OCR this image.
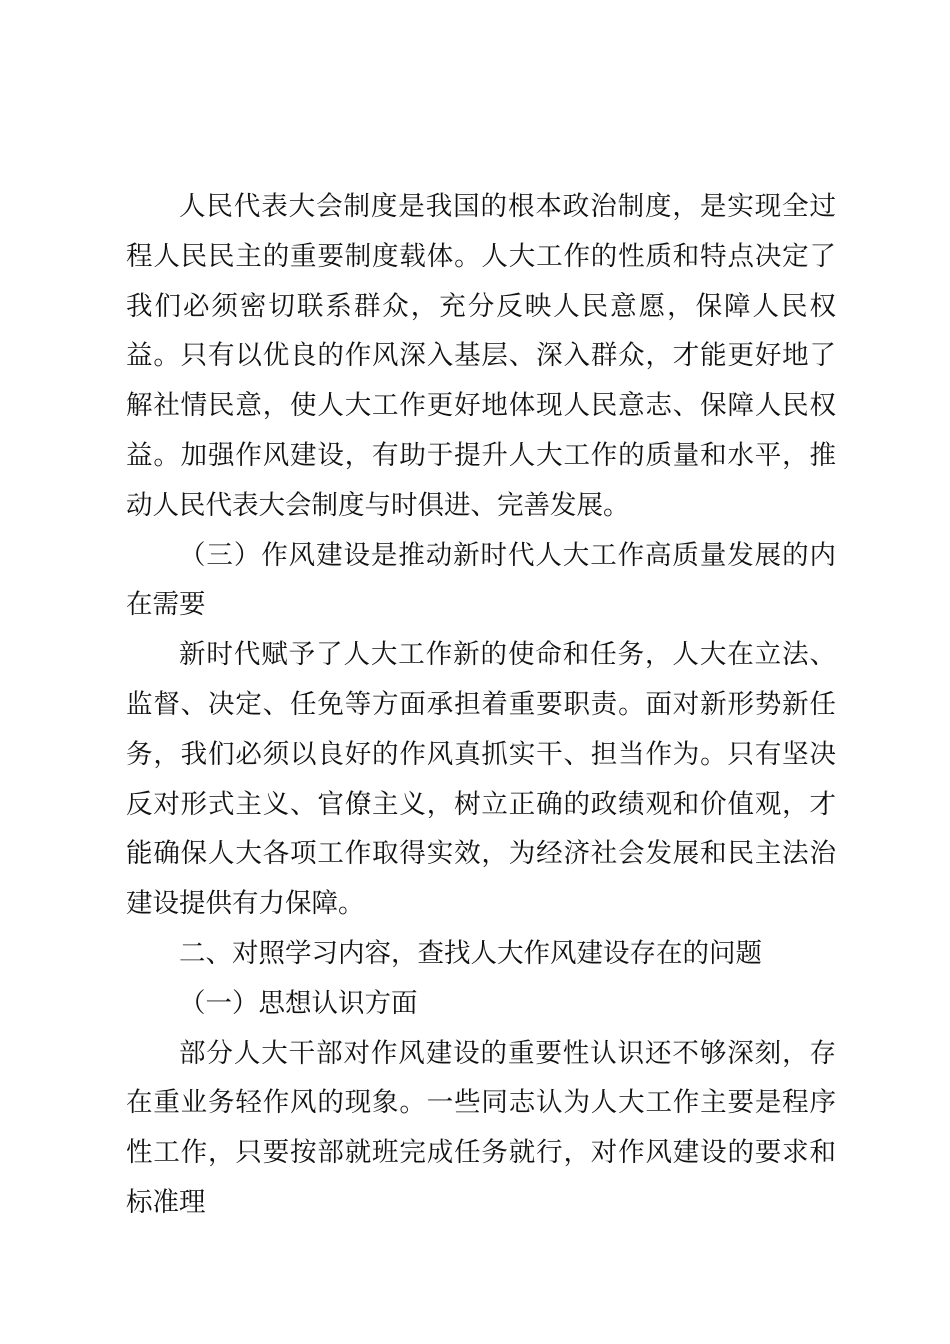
人民代表大会制度是我国的根本政治制度，是实现全过程人民民主的重要制度载体。人大工作的性质和特点决定了我们必须密切联系群众，充分反映人民意愿，保障人民权益。只有以优良的作风深入基层、深入群众，才能更好地了解社情民意，使人大工作更好地体现人民意志、保障人民权益。加强作风建设，有助于提升人大工作的质量和水平，推动人民代表大会制度与时俱进、完善发展。

（三）作风建设是推动新时代人大工作高质量发展的内在需要

新时代赋予了人大工作新的使命和任务，人大在立法、监督、决定、任免等方面承担着重要职责。面对新形势新任务，我们必须以良好的作风真抓实干、担当作为。只有坚决反对形式主义、官僚主义，树立正确的政绩观和价值观，才能确保人大各项工作取得实效，为经济社会发展和民主法治建设提供有力保障。

二、对照学习内容，查找人大作风建设存在的问题

（一）思想认识方面

部分人大干部对作风建设的重要性认识还不够深刻，存在重业务轻作风的现象。一些同志认为人大工作主要是程序性工作，只要按部就班完成任务就行，对作风建设的要求和标准理
